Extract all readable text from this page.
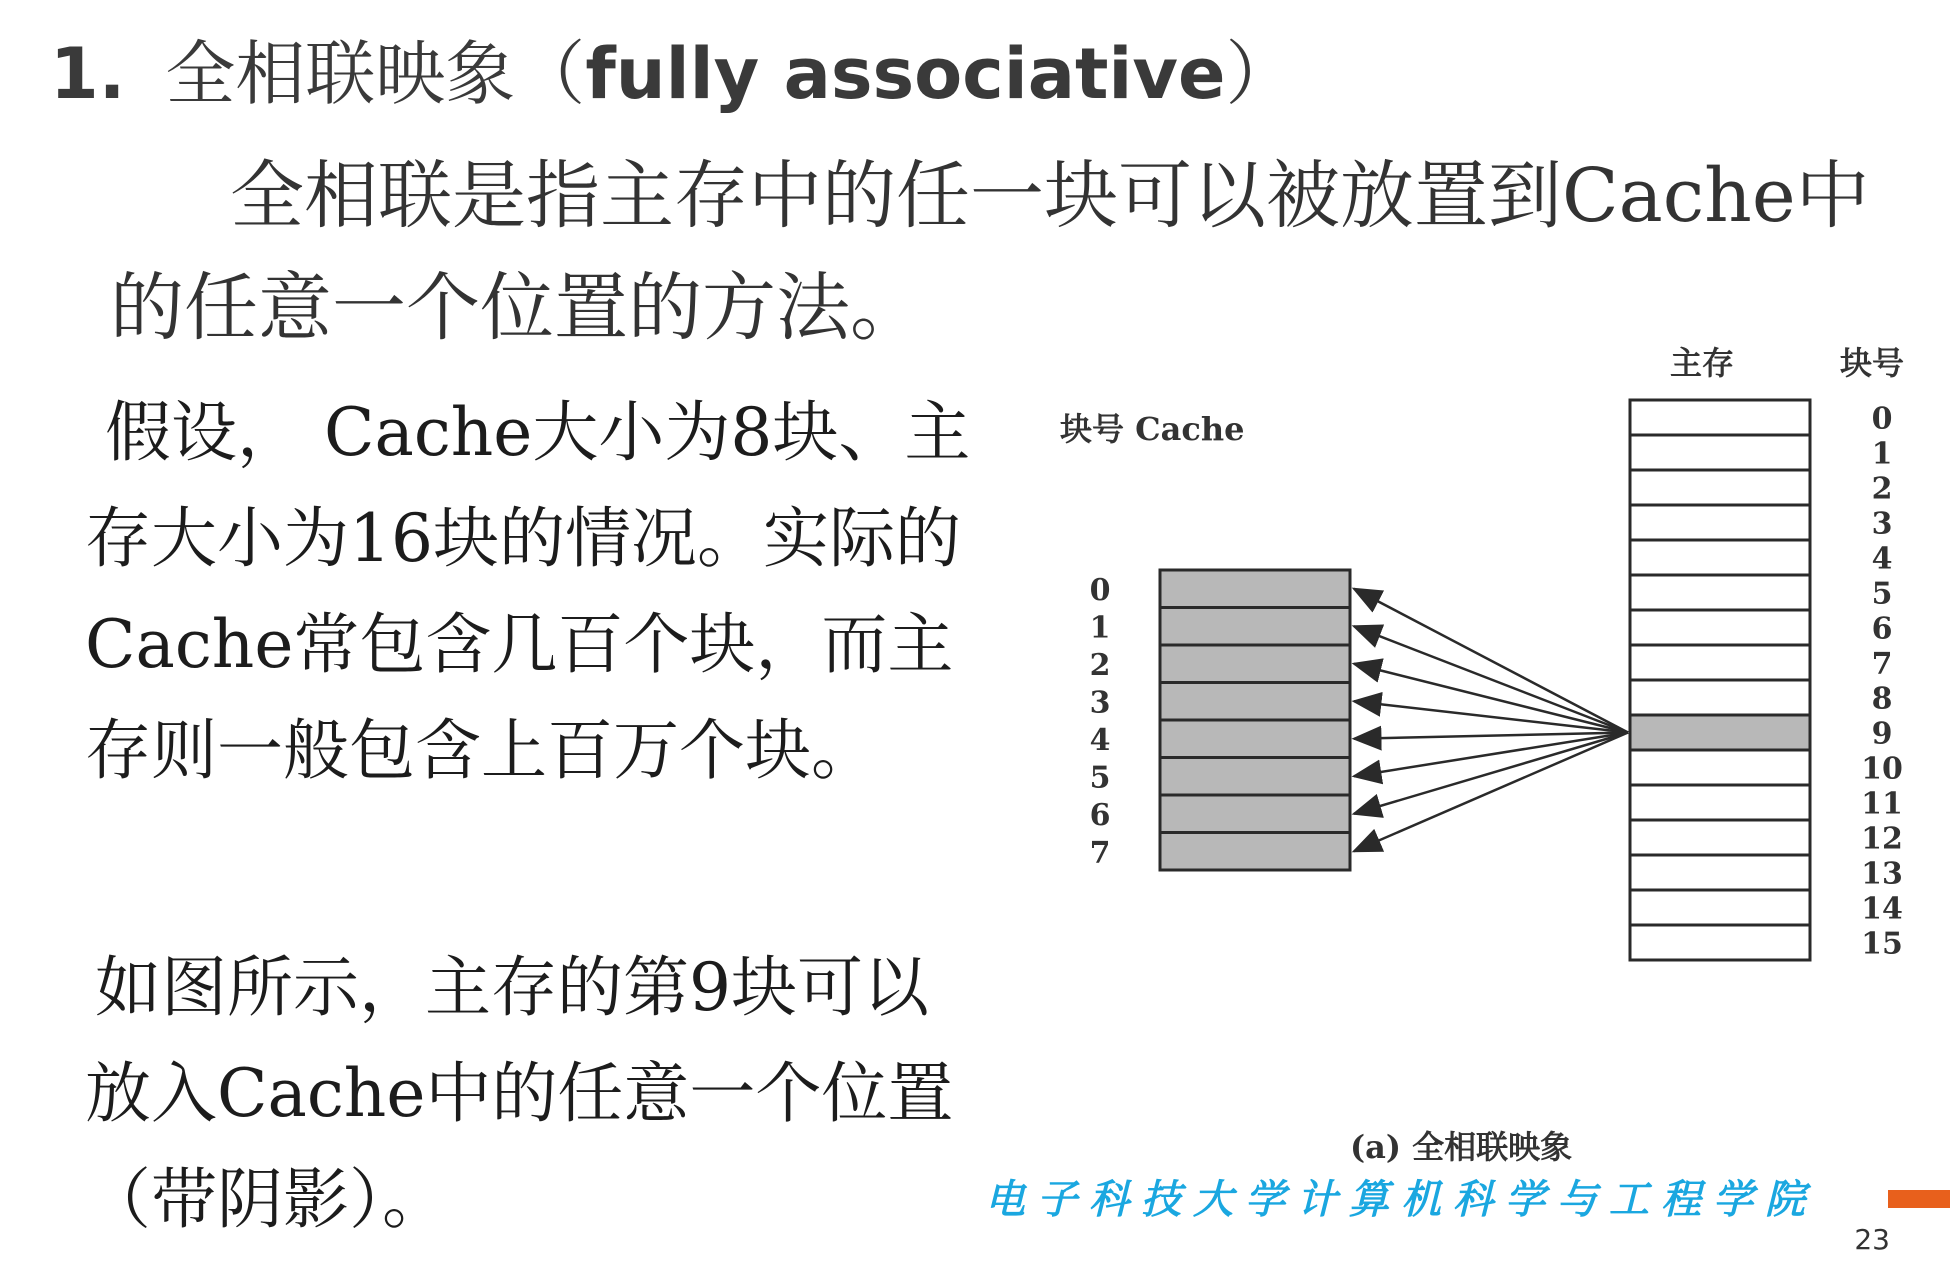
1. 全相联映象（fully associative）
全相联是指主存中的任一块可以被放置到Cache中的任意一个位置的方法。
假设， Cache大小为8块、主存大小为16块的情况。实际的Cache常包含几百个块，而主存则一般包含上百万个块。
如图所示，主存的第9块可以放入Cache中的任意一个位置（带阴影）。
块号 Cache
主存	块号
0
1
2
3
4
5
6
7
0
1
2
3
4
5
6
7
8
9
10
11
12
13
14
15
(a) 全相联映象
电子科技大学计算机科学与工程学院
23
